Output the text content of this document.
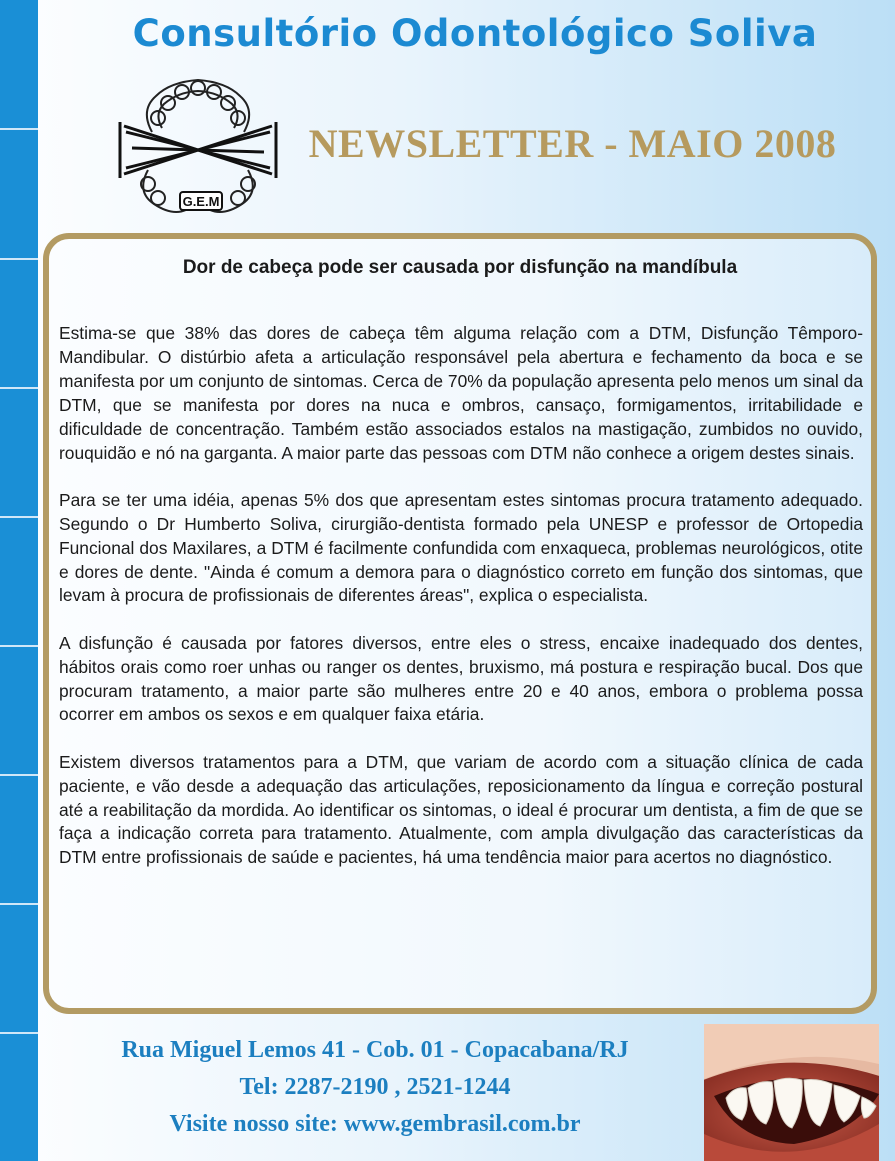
Consultório Odontológico Soliva
G.E.M
NEWSLETTER - MAIO 2008
Dor de cabeça pode ser causada por disfunção na mandíbula

Estima-se que 38% das dores de cabeça têm alguma relação com a DTM, Disfunção Têmporo-Mandibular. O distúrbio afeta a articulação responsável pela abertura e fechamento da boca e se manifesta por um conjunto de sintomas. Cerca de 70% da população apresenta pelo menos um sinal da DTM, que se manifesta por dores na nuca e ombros, cansaço, formigamentos, irritabilidade e dificuldade de concentração. Também estão associados estalos na mastigação, zumbidos no ouvido, rouquidão e nó na garganta. A maior parte das pessoas com DTM não conhece a origem destes sinais.

Para se ter uma idéia, apenas 5% dos que apresentam estes sintomas procura tratamento adequado. Segundo o Dr Humberto Soliva, cirurgião-dentista formado pela UNESP e professor de Ortopedia Funcional dos Maxilares, a DTM é facilmente confundida com enxaqueca, problemas neurológicos, otite e dores de dente. "Ainda é comum a demora para o diagnóstico correto em função dos sintomas, que levam à procura de profissionais de diferentes áreas", explica o especialista.

A disfunção é causada por fatores diversos, entre eles o stress, encaixe inadequado dos dentes, hábitos orais como roer unhas ou ranger os dentes, bruxismo, má postura e respiração bucal. Dos que procuram tratamento, a maior parte são mulheres entre 20 e 40 anos, embora o problema possa ocorrer em ambos os sexos e em qualquer faixa etária.

Existem diversos tratamentos para a DTM, que variam de acordo com a situação clínica de cada paciente, e vão desde a adequação das articulações, reposicionamento da língua e correção postural até a reabilitação da mordida. Ao identificar os sintomas, o ideal é procurar um dentista, a fim de que se faça a indicação correta para tratamento. Atualmente, com ampla divulgação das características da DTM entre profissionais de saúde e pacientes, há uma tendência maior para acertos no diagnóstico.

Rua Miguel Lemos 41 - Cob. 01 - Copacabana/RJ
Tel: 2287-2190 , 2521-1244
Visite nosso site: www.gembrasil.com.br
